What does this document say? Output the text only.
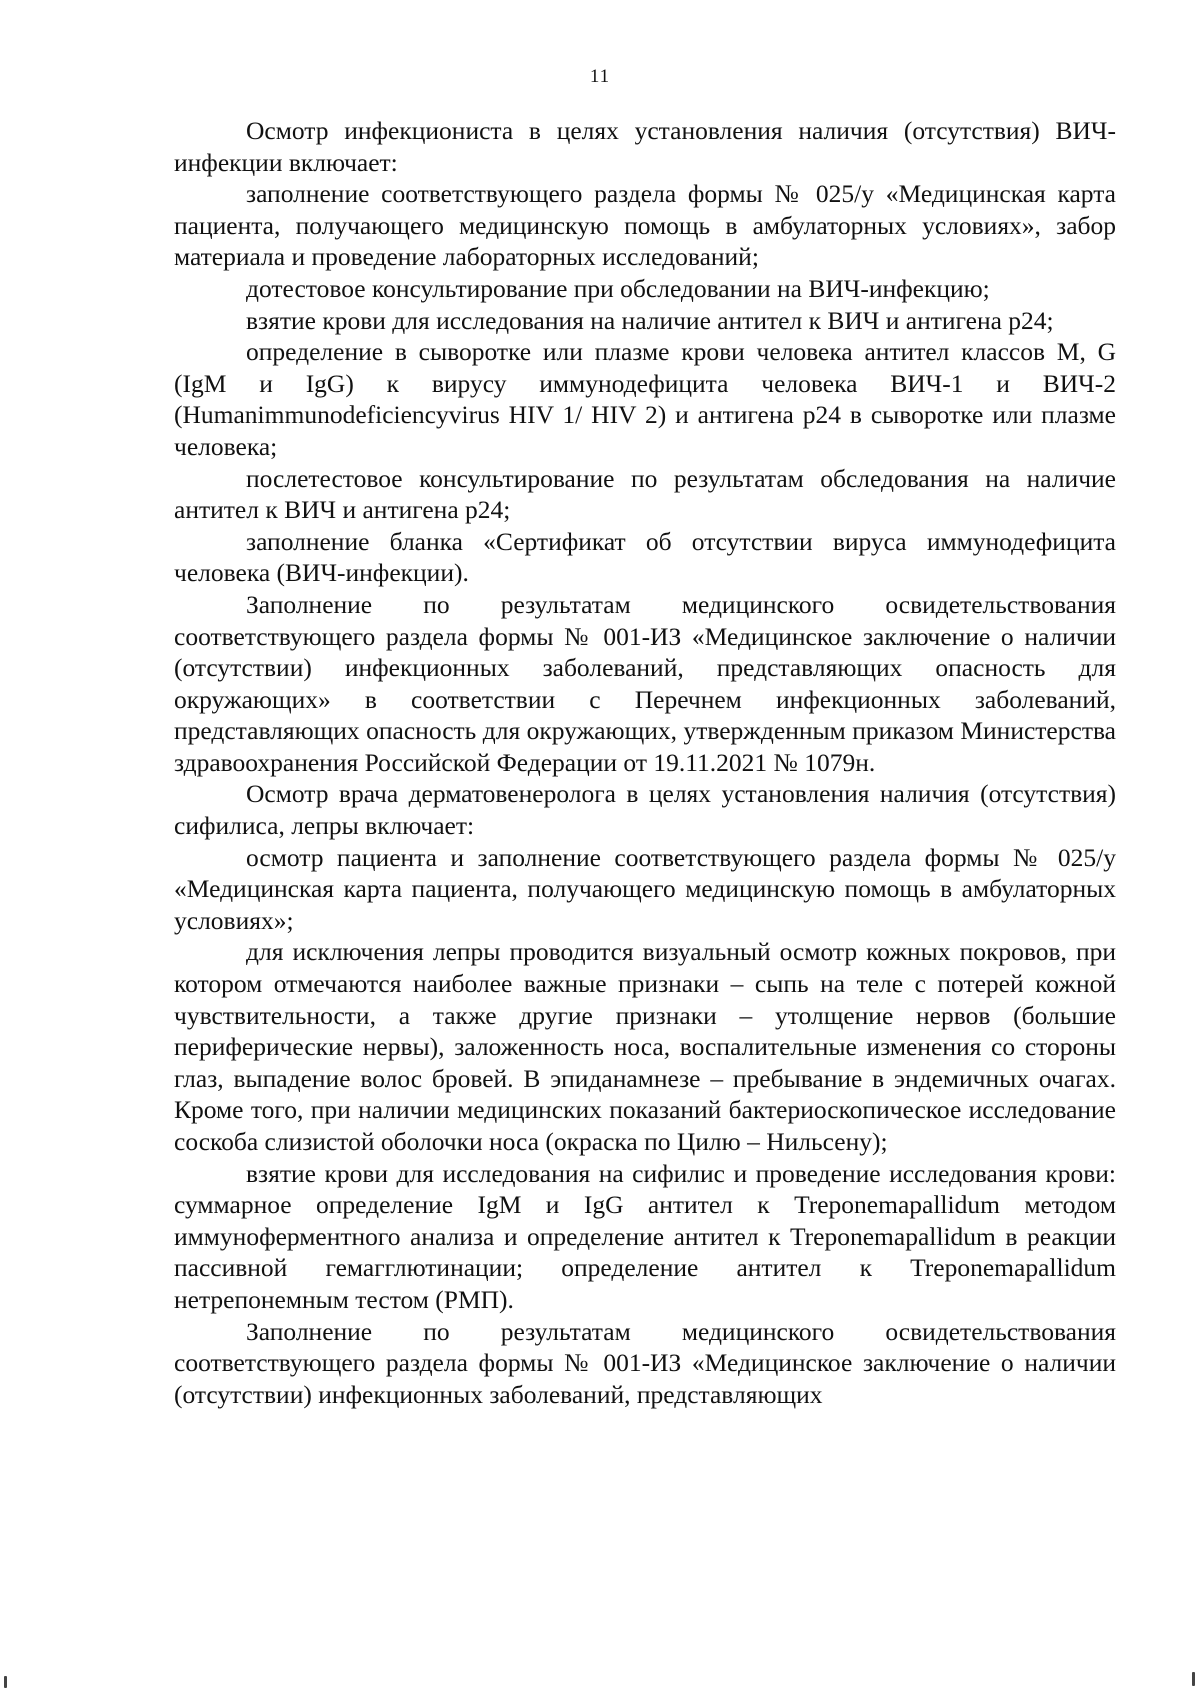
11

Осмотр инфекциониста в целях установления наличия (отсутствия) ВИЧ-инфекции включает:

заполнение соответствующего раздела формы № 025/у «Медицинская карта пациента, получающего медицинскую помощь в амбулаторных условиях», забор материала и проведение лабораторных исследований;

дотестовое консультирование при обследовании на ВИЧ-инфекцию;

взятие крови для исследования на наличие антител к ВИЧ и антигена p24;

определение в сыворотке или плазме крови человека антител классов M, G (IgM и IgG) к вирусу иммунодефицита человека ВИЧ-1 и ВИЧ-2 (Humanimmunodeficiencyvirus HIV 1/ HIV 2) и антигена p24 в сыворотке или плазме человека;

послетестовое консультирование по результатам обследования на наличие антител к ВИЧ и антигена p24;

заполнение бланка «Сертификат об отсутствии вируса иммунодефицита человека (ВИЧ-инфекции).

Заполнение по результатам медицинского освидетельствования соответствующего раздела формы № 001-ИЗ «Медицинское заключение о наличии (отсутствии) инфекционных заболеваний, представляющих опасность для окружающих» в соответствии с Перечнем инфекционных заболеваний, представляющих опасность для окружающих, утвержденным приказом Министерства здравоохранения Российской Федерации от 19.11.2021 № 1079н.

Осмотр врача дерматовенеролога в целях установления наличия (отсутствия) сифилиса, лепры включает:

осмотр пациента и заполнение соответствующего раздела формы № 025/у «Медицинская карта пациента, получающего медицинскую помощь в амбулаторных условиях»;

для исключения лепры проводится визуальный осмотр кожных покровов, при котором отмечаются наиболее важные признаки – сыпь на теле с потерей кожной чувствительности, а также другие признаки – утолщение нервов (большие периферические нервы), заложенность носа, воспалительные изменения со стороны глаз, выпадение волос бровей. В эпиданамнезе – пребывание в эндемичных очагах. Кроме того, при наличии медицинских показаний бактериоскопическое исследование соскоба слизистой оболочки носа (окраска по Цилю – Нильсену);

взятие крови для исследования на сифилис и проведение исследования крови: суммарное определение IgM и IgG антител к Treponemapallidum методом иммуноферментного анализа и определение антител к Treponemapallidum в реакции пассивной гемагглютинации; определение антител к Treponemapallidum нетрепонемным тестом (РМП).

Заполнение по результатам медицинского освидетельствования соответствующего раздела формы № 001-ИЗ «Медицинское заключение о наличии (отсутствии) инфекционных заболеваний, представляющих
